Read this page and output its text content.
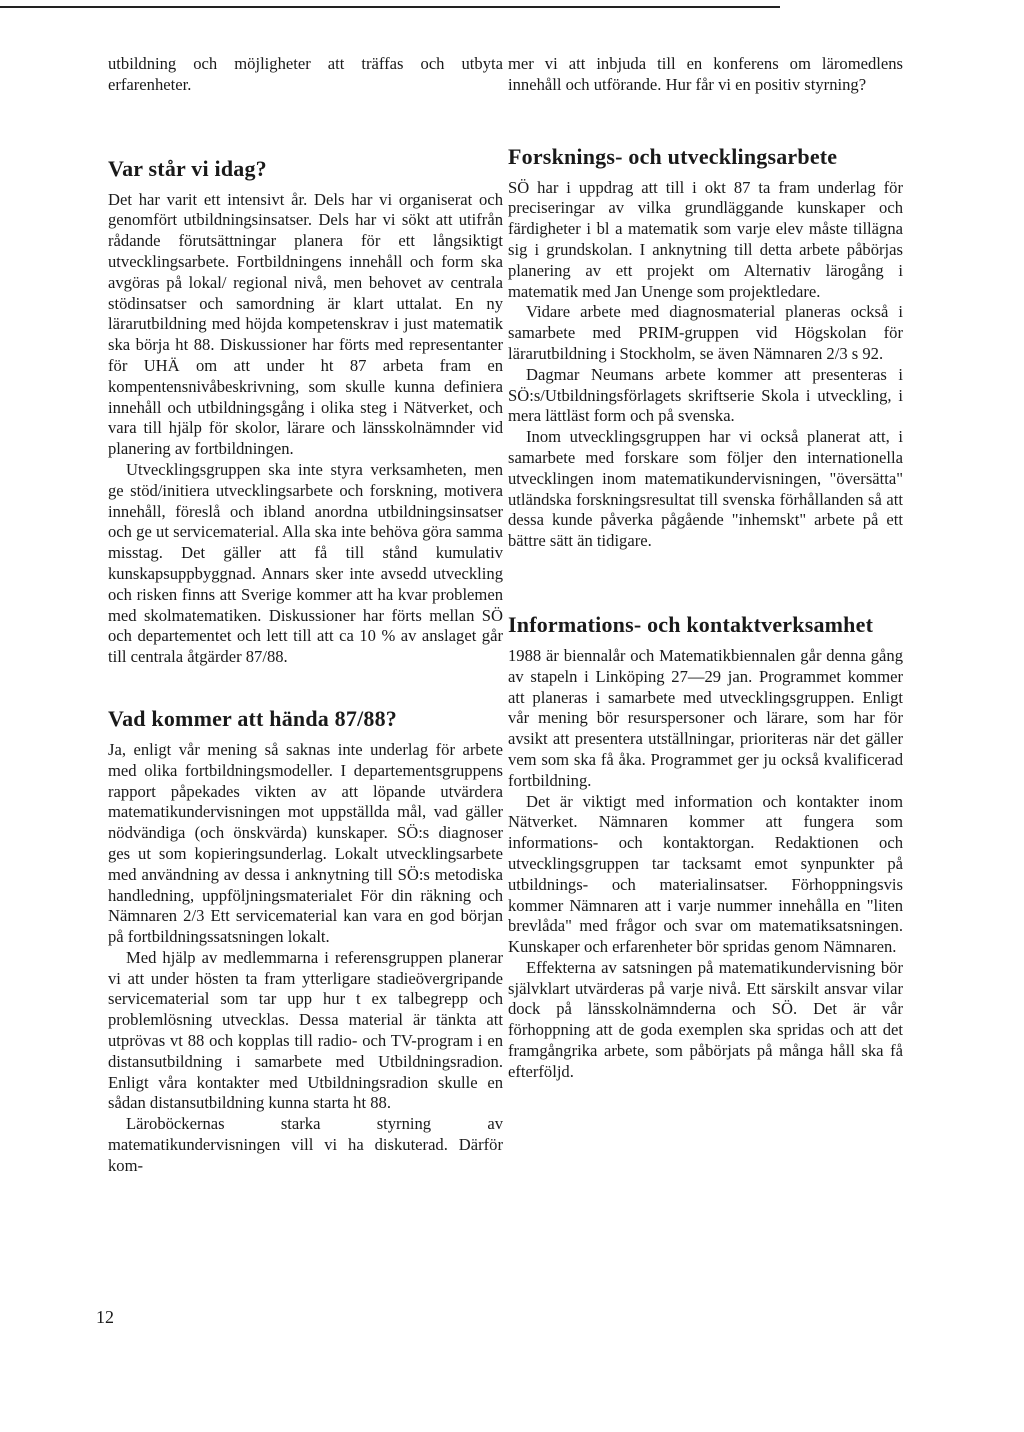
utbildning och möjligheter att träffas och utbyta erfarenheter.

Var står vi idag?

Det har varit ett intensivt år. Dels har vi organiserat och genomfört utbildningsinsatser. Dels har vi sökt att utifrån rådande förutsättningar planera för ett långsiktigt utvecklingsarbete. Fortbildningens innehåll och form ska avgöras på lokal/ regional nivå, men behovet av centrala stödinsatser och samordning är klart uttalat. En ny lärarutbildning med höjda kompetenskrav i just matematik ska börja ht 88. Diskussioner har förts med representanter för UHÄ om att under ht 87 arbeta fram en kompentensnivåbeskrivning, som skulle kunna definiera innehåll och utbildningsgång i olika steg i Nätverket, och vara till hjälp för skolor, lärare och länsskolnämnder vid planering av fortbildningen.

Utvecklingsgruppen ska inte styra verksamheten, men ge stöd/initiera utvecklingsarbete och forskning, motivera innehåll, föreslå och ibland anordna utbildningsinsatser och ge ut servicematerial. Alla ska inte behöva göra samma misstag. Det gäller att få till stånd kumulativ kunskapsuppbyggnad. Annars sker inte avsedd utveckling och risken finns att Sverige kommer att ha kvar problemen med skolmatematiken. Diskussioner har förts mellan SÖ och departementet och lett till att ca 10 % av anslaget går till centrala åtgärder 87/88.

Vad kommer att hända 87/88?

Ja, enligt vår mening så saknas inte underlag för arbete med olika fortbildningsmodeller. I departementsgruppens rapport påpekades vikten av att löpande utvärdera matematikundervisningen mot uppställda mål, vad gäller nödvändiga (och önskvärda) kunskaper. SÖ:s diagnoser ges ut som kopieringsunderlag. Lokalt utvecklingsarbete med användning av dessa i anknytning till SÖ:s metodiska handledning, uppföljningsmaterialet För din räkning och Nämnaren 2/3 Ett servicematerial kan vara en god början på fortbildningssatsningen lokalt.

Med hjälp av medlemmarna i referensgruppen planerar vi att under hösten ta fram ytterligare stadieövergripande servicematerial som tar upp hur t ex talbegrepp och problemlösning utvecklas. Dessa material är tänkta att utprövas vt 88 och kopplas till radio- och TV-program i en distansutbildning i samarbete med Utbildningsradion. Enligt våra kontakter med Utbildningsradion skulle en sådan distansutbildning kunna starta ht 88.

Läroböckernas starka styrning av matematikundervisningen vill vi ha diskuterad. Därför kom-

mer vi att inbjuda till en konferens om läromedlens innehåll och utförande. Hur får vi en positiv styrning?

Forsknings- och utvecklingsarbete

SÖ har i uppdrag att till i okt 87 ta fram underlag för preciseringar av vilka grundläggande kunskaper och färdigheter i bl a matematik som varje elev måste tillägna sig i grundskolan. I anknytning till detta arbete påbörjas planering av ett projekt om Alternativ lärogång i matematik med Jan Unenge som projektledare.

Vidare arbete med diagnosmaterial planeras också i samarbete med PRIM-gruppen vid Högskolan för lärarutbildning i Stockholm, se även Nämnaren 2/3 s 92.

Dagmar Neumans arbete kommer att presenteras i SÖ:s/Utbildningsförlagets skriftserie Skola i utveckling, i mera lättläst form och på svenska.

Inom utvecklingsgruppen har vi också planerat att, i samarbete med forskare som följer den internationella utvecklingen inom matematikundervisningen, "översätta" utländska forskningsresultat till svenska förhållanden så att dessa kunde påverka pågående "inhemskt" arbete på ett bättre sätt än tidigare.

Informations- och kontaktverksamhet

1988 är biennalår och Matematikbiennalen går denna gång av stapeln i Linköping 27—29 jan. Programmet kommer att planeras i samarbete med utvecklingsgruppen. Enligt vår mening bör resurspersoner och lärare, som har för avsikt att presentera utställningar, prioriteras när det gäller vem som ska få åka. Programmet ger ju också kvalificerad fortbildning.

Det är viktigt med information och kontakter inom Nätverket. Nämnaren kommer att fungera som informations- och kontaktorgan. Redaktionen och utvecklingsgruppen tar tacksamt emot synpunkter på utbildnings- och materialinsatser. Förhoppningsvis kommer Nämnaren att i varje nummer innehålla en "liten brevlåda" med frågor och svar om matematiksatsningen. Kunskaper och erfarenheter bör spridas genom Nämnaren.

Effekterna av satsningen på matematikundervisning bör självklart utvärderas på varje nivå. Ett särskilt ansvar vilar dock på länsskolnämnderna och SÖ. Det är vår förhoppning att de goda exemplen ska spridas och att det framgångrika arbete, som påbörjats på många håll ska få efterföljd.

12
